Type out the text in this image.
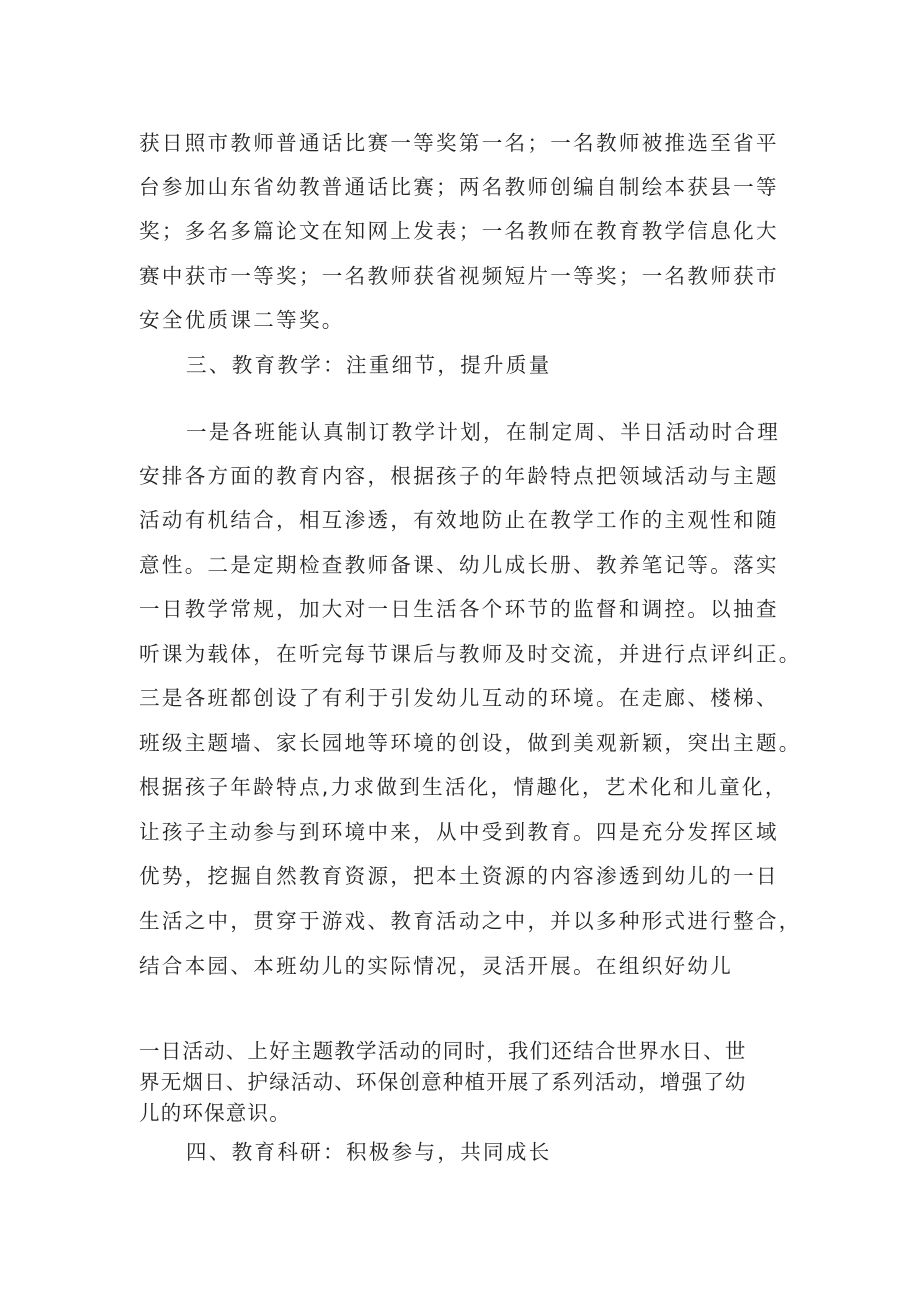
获日照市教师普通话比赛一等奖第一名；一名教师被推选至省平
台参加山东省幼教普通话比赛；两名教师创编自制绘本获县一等
奖；多名多篇论文在知网上发表；一名教师在教育教学信息化大
赛中获市一等奖；一名教师获省视频短片一等奖；一名教师获市
安全优质课二等奖。
三、教育教学：注重细节，提升质量
一是各班能认真制订教学计划，在制定周、半日活动时合理
安排各方面的教育内容，根据孩子的年龄特点把领域活动与主题
活动有机结合，相互渗透，有效地防止在教学工作的主观性和随
意性。二是定期检查教师备课、幼儿成长册、教养笔记等。落实
一日教学常规，加大对一日生活各个环节的监督和调控。以抽查
听课为载体，在听完每节课后与教师及时交流，并进行点评纠正。
三是各班都创设了有利于引发幼儿互动的环境。在走廊、楼梯、
班级主题墙、家长园地等环境的创设，做到美观新颖，突出主题。
根据孩子年龄特点,力求做到生活化，情趣化，艺术化和儿童化，
让孩子主动参与到环境中来，从中受到教育。四是充分发挥区域
优势，挖掘自然教育资源，把本土资源的内容渗透到幼儿的一日
生活之中，贯穿于游戏、教育活动之中，并以多种形式进行整合，
结合本园、本班幼儿的实际情况，灵活开展。在组织好幼儿
一日活动、上好主题教学活动的同时，我们还结合世界水日、世
界无烟日、护绿活动、环保创意种植开展了系列活动，增强了幼
儿的环保意识。
四、教育科研：积极参与，共同成长
